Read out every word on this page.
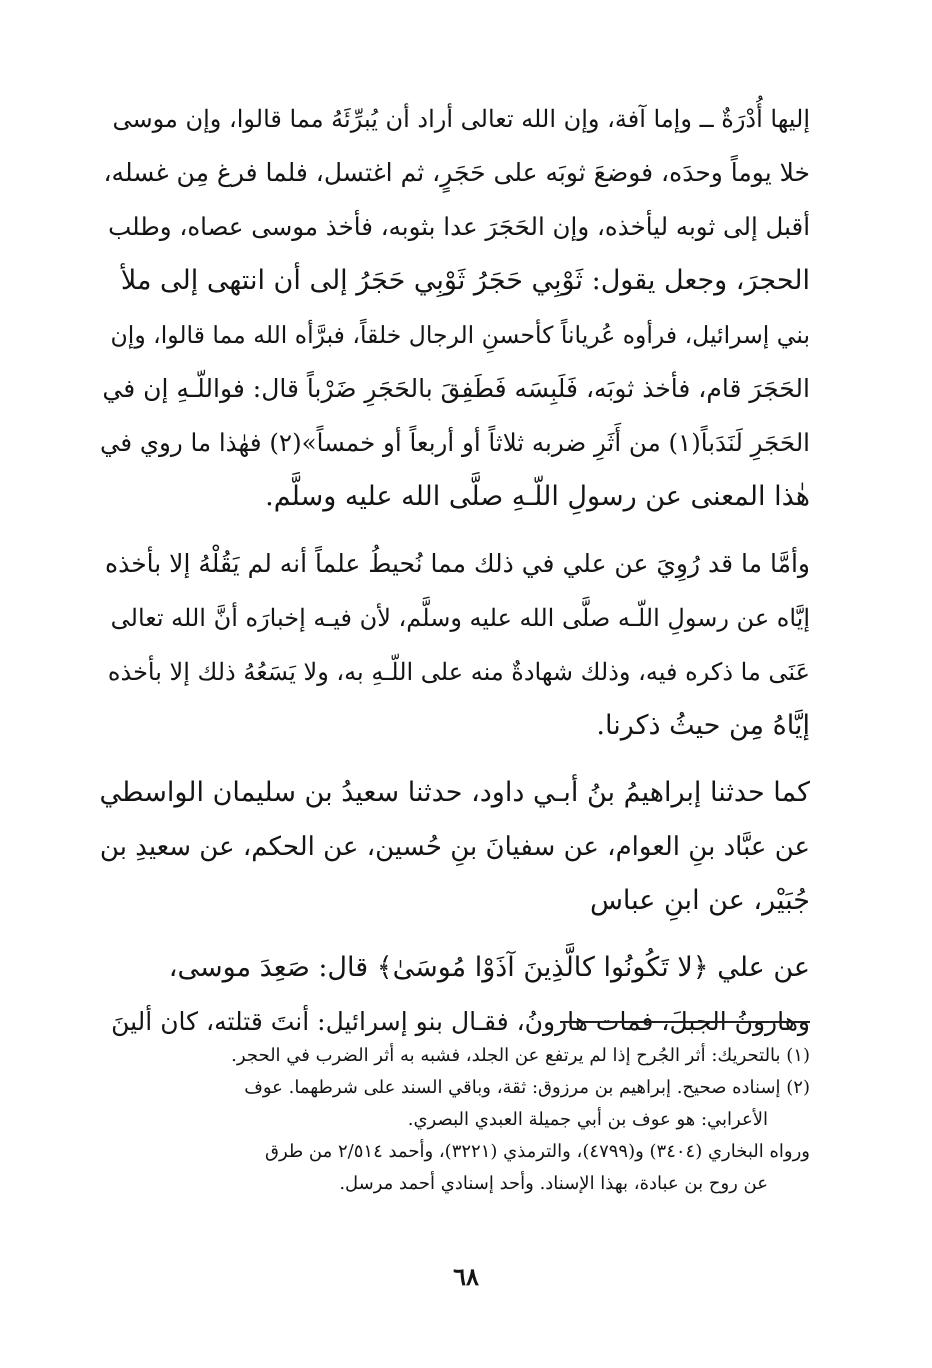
إليها أُدْرَةٌ ــ وإما آفة، وإن الله تعالى أراد أن يُبرِّئَهُ مما قالوا، وإن موسى
خلا يوماً وحدَه، فوضعَ ثوبَه على حَجَرٍ، ثم اغتسل، فلما فرغ مِن غسله،
أقبل إلى ثوبه ليأخذه، وإن الحَجَرَ عدا بثوبه، فأخذ موسى عصاه، وطلب
الحجرَ، وجعل يقول: ثَوْبِي حَجَرُ ثَوْبِي حَجَرُ إلى أن انتهى إلى ملأ
بني إسرائيل، فرأوه عُرياناً كأحسنِ الرجال خلقاً، فبرَّأه الله مما قالوا، وإن
الحَجَرَ قام، فأخذ ثوبَه، فَلَبِسَه فَطَفِقَ بالحَجَرِ ضَرْباً قال: فواللّـهِ إن في
الحَجَرِ لَنَدَباً(١) من أَثَرِ ضربه ثلاثاً أو أربعاً أو خمساً»(٢) فهٰذا ما روي في
هٰذا المعنى عن رسولِ اللّـهِ صلَّى الله عليه وسلَّم.

وأمَّا ما قد رُوِيَ عن علي في ذلك مما نُحيطُ علماً أنه لم يَقُلْهُ إلا بأخذه
إيَّاه عن رسولِ اللّـه صلَّى الله عليه وسلَّم، لأن فيـه إخبارَه أنَّ الله تعالى
عَنَى ما ذكره فيه، وذلك شهادةٌ منه على اللّـهِ به، ولا يَسَعُهُ ذلك إلا بأخذه
إيَّاهُ مِن حيثُ ذكرنا.

كما حدثنا إبراهيمُ بنُ أبـي داود، حدثنا سعيدُ بن سليمان الواسطي
عن عبَّاد بنِ العوام، عن سفيانَ بنِ حُسين، عن الحكم، عن سعيدِ بن
جُبَيْر، عن ابنِ عباس

عن علي ﴿لا تَكُونُوا كالَّذِينَ آذَوْا مُوسَىٰ﴾ قال: صَعِدَ موسى،
وهارونُ الجبلَ، فمات هارونُ، فقـال بنو إسرائيل: أنتَ قتلته، كان ألينَ

(١) بالتحريك: أثر الجُرح إذا لم يرتفع عن الجلد، فشبه به أثر الضرب في الحجر.
(٢) إسناده صحيح. إبراهيم بن مرزوق: ثقة، وباقي السند على شرطهما. عوف
الأعرابي: هو عوف بن أبي جميلة العبدي البصري.
ورواه البخاري (٣٤٠٤) و(٤٧٩٩)، والترمذي (٣٢٢١)، وأحمد ٢/٥١٤ من طرق
عن روح بن عبادة، بهذا الإسناد. وأحد إسنادي أحمد مرسل.
٦٨
